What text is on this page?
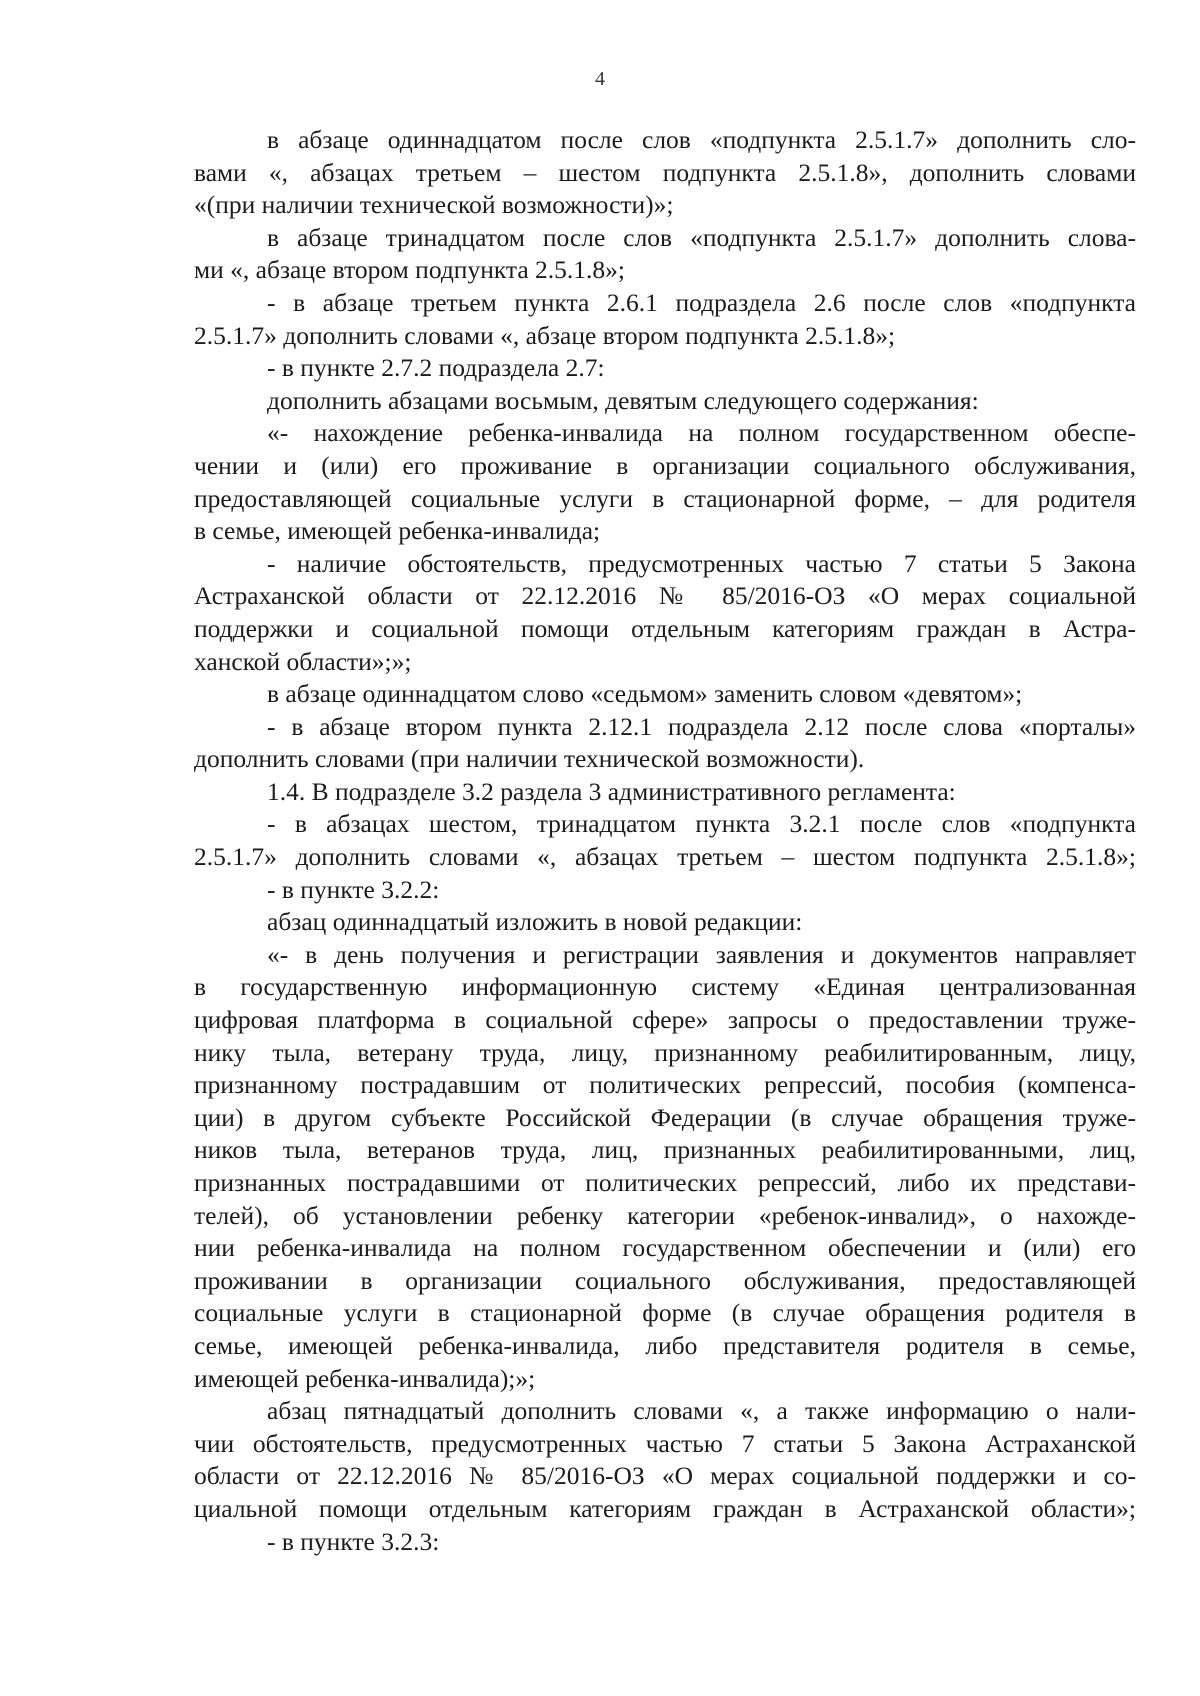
4
в абзаце одиннадцатом после слов «подпункта 2.5.1.7» дополнить сло-
вами «, абзацах третьем – шестом подпункта 2.5.1.8», дополнить словами
«(при наличии технической возможности)»;
в абзаце тринадцатом после слов «подпункта 2.5.1.7» дополнить слова-
ми «, абзаце втором подпункта 2.5.1.8»;
- в абзаце третьем пункта 2.6.1 подраздела 2.6 после слов «подпункта
2.5.1.7» дополнить словами «, абзаце втором подпункта 2.5.1.8»;
- в пункте 2.7.2 подраздела 2.7:
дополнить абзацами восьмым, девятым следующего содержания:
«- нахождение ребенка-инвалида на полном государственном обеспе-
чении и (или) его проживание в организации социального обслуживания,
предоставляющей социальные услуги в стационарной форме, – для родителя
в семье, имеющей ребенка-инвалида;
- наличие обстоятельств, предусмотренных частью 7 статьи 5 Закона
Астраханской области от 22.12.2016 № 85/2016-ОЗ «О мерах социальной
поддержки и социальной помощи отдельным категориям граждан в Астра-
ханской области»;»;
в абзаце одиннадцатом слово «седьмом» заменить словом «девятом»;
- в абзаце втором пункта 2.12.1 подраздела 2.12 после слова «порталы»
дополнить словами (при наличии технической возможности).
1.4. В подразделе 3.2 раздела 3 административного регламента:
- в абзацах шестом, тринадцатом пункта 3.2.1 после слов «подпункта
2.5.1.7» дополнить словами «, абзацах третьем – шестом подпункта 2.5.1.8»;
- в пункте 3.2.2:
абзац одиннадцатый изложить в новой редакции:
«- в день получения и регистрации заявления и документов направляет
в государственную информационную систему «Единая централизованная
цифровая платформа в социальной сфере» запросы о предоставлении труже-
нику тыла, ветерану труда, лицу, признанному реабилитированным, лицу,
признанному пострадавшим от политических репрессий, пособия (компенса-
ции) в другом субъекте Российской Федерации (в случае обращения труже-
ников тыла, ветеранов труда, лиц, признанных реабилитированными, лиц,
признанных пострадавшими от политических репрессий, либо их представи-
телей), об установлении ребенку категории «ребенок-инвалид», о нахожде-
нии ребенка-инвалида на полном государственном обеспечении и (или) его
проживании в организации социального обслуживания, предоставляющей
социальные услуги в стационарной форме (в случае обращения родителя в
семье, имеющей ребенка-инвалида, либо представителя родителя в семье,
имеющей ребенка-инвалида);»;
абзац пятнадцатый дополнить словами «, а также информацию о нали-
чии обстоятельств, предусмотренных частью 7 статьи 5 Закона Астраханской
области от 22.12.2016 № 85/2016-ОЗ «О мерах социальной поддержки и со-
циальной помощи отдельным категориям граждан в Астраханской области»;
- в пункте 3.2.3:
